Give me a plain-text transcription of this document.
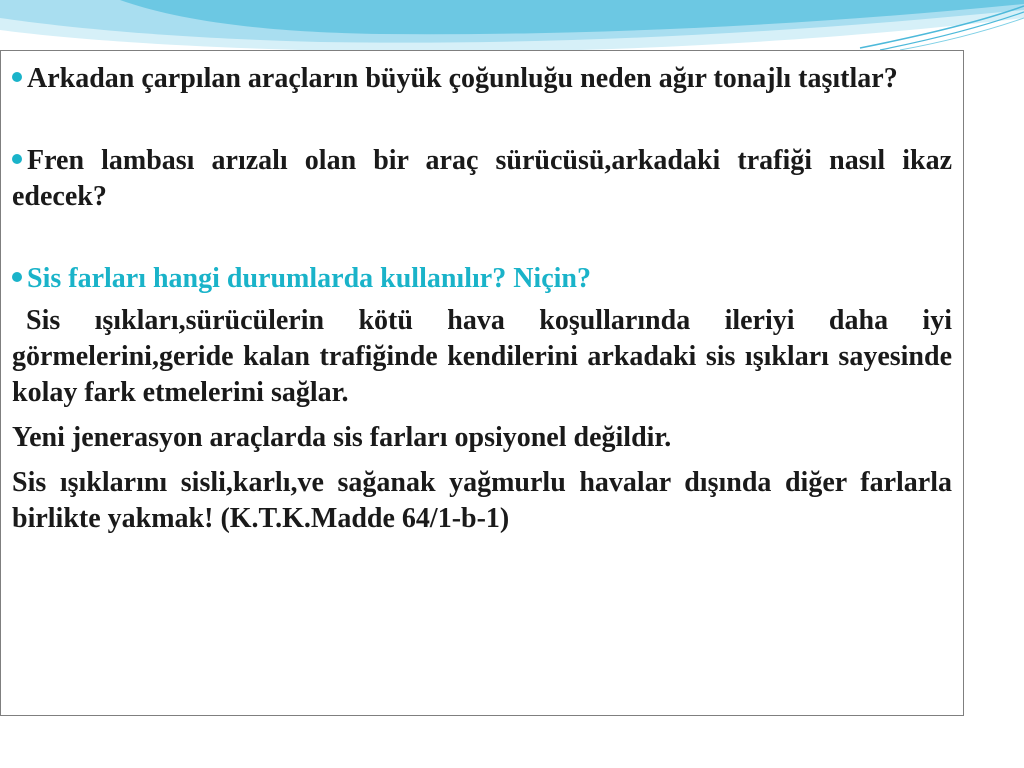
Arkadan çarpılan araçların büyük çoğunluğu neden ağır tonajlı taşıtlar?

Fren lambası arızalı olan bir araç sürücüsü,arkadaki trafiği nasıl ikaz edecek?

Sis farları hangi durumlarda kullanılır? Niçin?

Sis ışıkları,sürücülerin kötü hava koşullarında ileriyi daha iyi görmelerini,geride kalan trafiğinde kendilerini arkadaki sis ışıkları sayesinde kolay fark etmelerini sağlar.

Yeni jenerasyon araçlarda sis farları opsiyonel değildir.

Sis ışıklarını sisli,karlı,ve sağanak yağmurlu havalar dışında diğer farlarla birlikte yakmak! (K.T.K.Madde 64/1-b-1)
